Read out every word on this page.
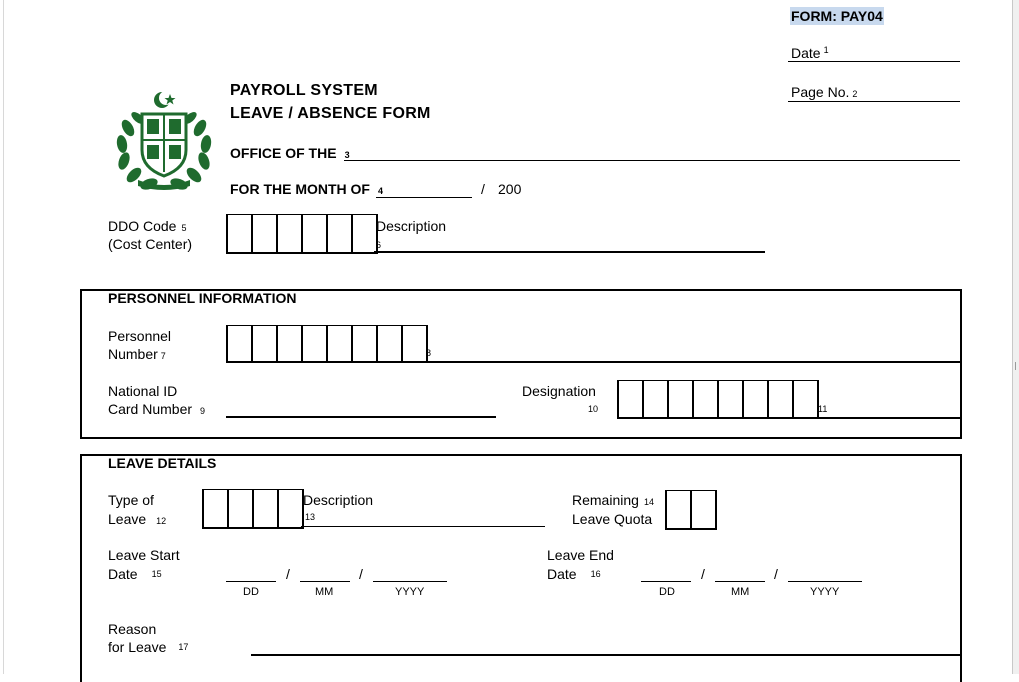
FORM: PAY04
Date $^1$
Page No. 2
PAYROLL SYSTEM
LEAVE / ABSENCE FORM
OFFICE OF THE 3
FOR THE MONTH OF 4	/ 200
DDO Code 5
(Cost Center)
Description
6
PERSONNEL INFORMATION
Personnel
Number 7	8
National ID
Card Number 9
Designation
10	11
LEAVE DETAILS
Type of
Leave 12
Description
13
Remaining 14
Leave Quota
Leave Start
Date $^{15}$	/	/
DD	MM	YYYY
Leave End
Date $^{16}$	/	/
DD	MM	YYYY
Reason
for Leave $^{17}$
